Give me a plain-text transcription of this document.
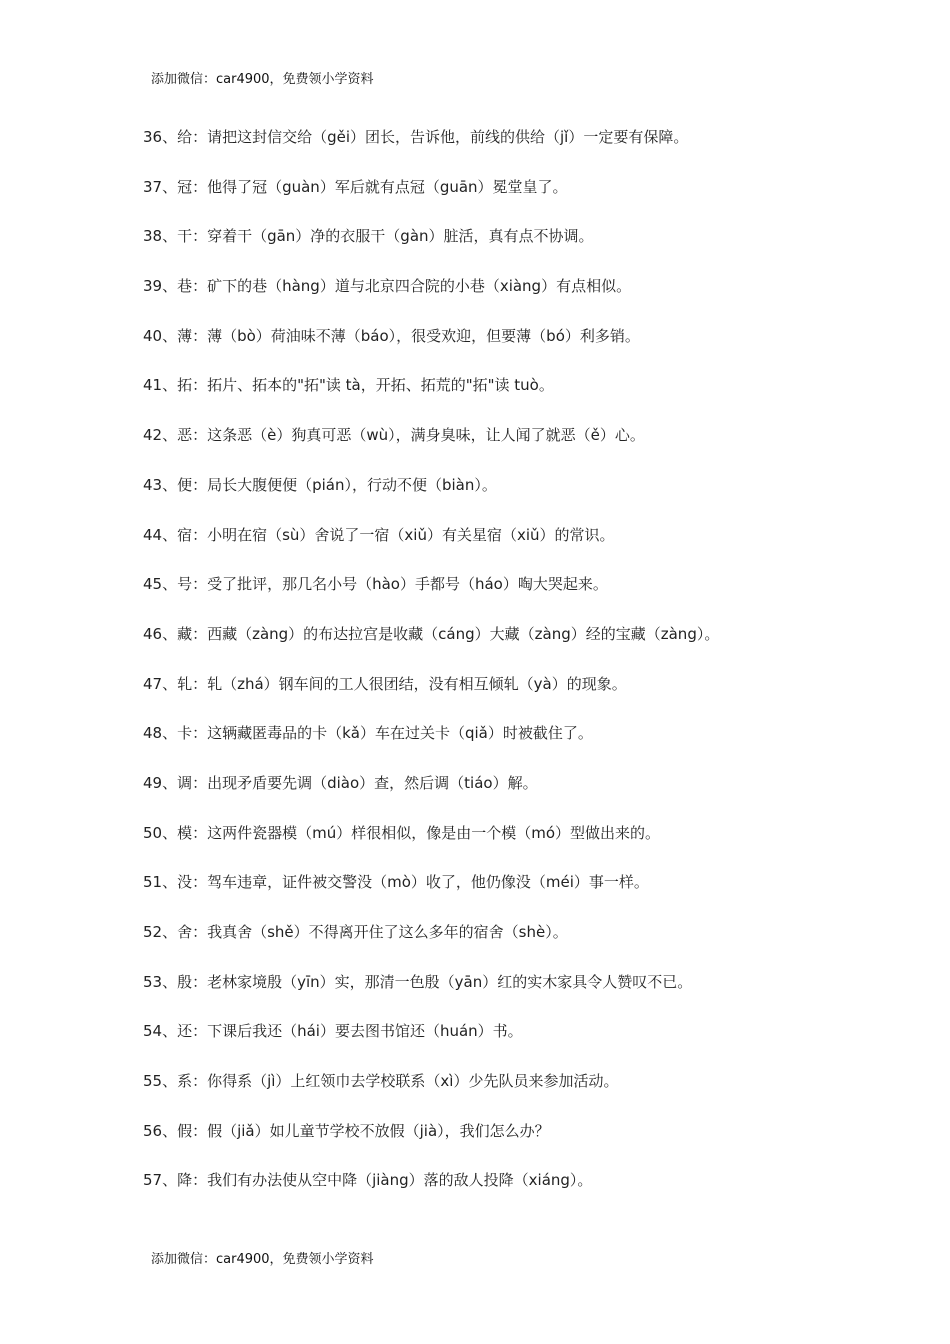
添加微信：car4900，免费领小学资料
36、给：请把这封信交给（gěi）团长，告诉他，前线的供给（jǐ）一定要有保障。
37、冠：他得了冠（guàn）军后就有点冠（guān）冕堂皇了。
38、干：穿着干（gān）净的衣服干（gàn）脏活，真有点不协调。
39、巷：矿下的巷（hàng）道与北京四合院的小巷（xiàng）有点相似。
40、薄：薄（bò）荷油味不薄（báo），很受欢迎，但要薄（bó）利多销。
41、拓：拓片、拓本的"拓"读 tà，开拓、拓荒的"拓"读 tuò。
42、恶：这条恶（è）狗真可恶（wù），满身臭味，让人闻了就恶（ě）心。
43、便：局长大腹便便（pián），行动不便（biàn）。
44、宿：小明在宿（sù）舍说了一宿（xiǔ）有关星宿（xiǔ）的常识。
45、号：受了批评，那几名小号（hào）手都号（háo）啕大哭起来。
46、藏：西藏（zàng）的布达拉宫是收藏（cáng）大藏（zàng）经的宝藏（zàng）。
47、轧：轧（zhá）钢车间的工人很团结，没有相互倾轧（yà）的现象。
48、卡：这辆藏匿毒品的卡（kǎ）车在过关卡（qiǎ）时被截住了。
49、调：出现矛盾要先调（diào）查，然后调（tiáo）解。
50、模：这两件瓷器模（mú）样很相似，像是由一个模（mó）型做出来的。
51、没：驾车违章，证件被交警没（mò）收了，他仍像没（méi）事一样。
52、舍：我真舍（shě）不得离开住了这么多年的宿舍（shè）。
53、殷：老林家境殷（yīn）实，那清一色殷（yān）红的实木家具令人赞叹不已。
54、还：下课后我还（hái）要去图书馆还（huán）书。
55、系：你得系（jì）上红领巾去学校联系（xì）少先队员来参加活动。
56、假：假（jiǎ）如儿童节学校不放假（jià），我们怎么办？
57、降：我们有办法使从空中降（jiàng）落的敌人投降（xiáng）。
添加微信：car4900，免费领小学资料
